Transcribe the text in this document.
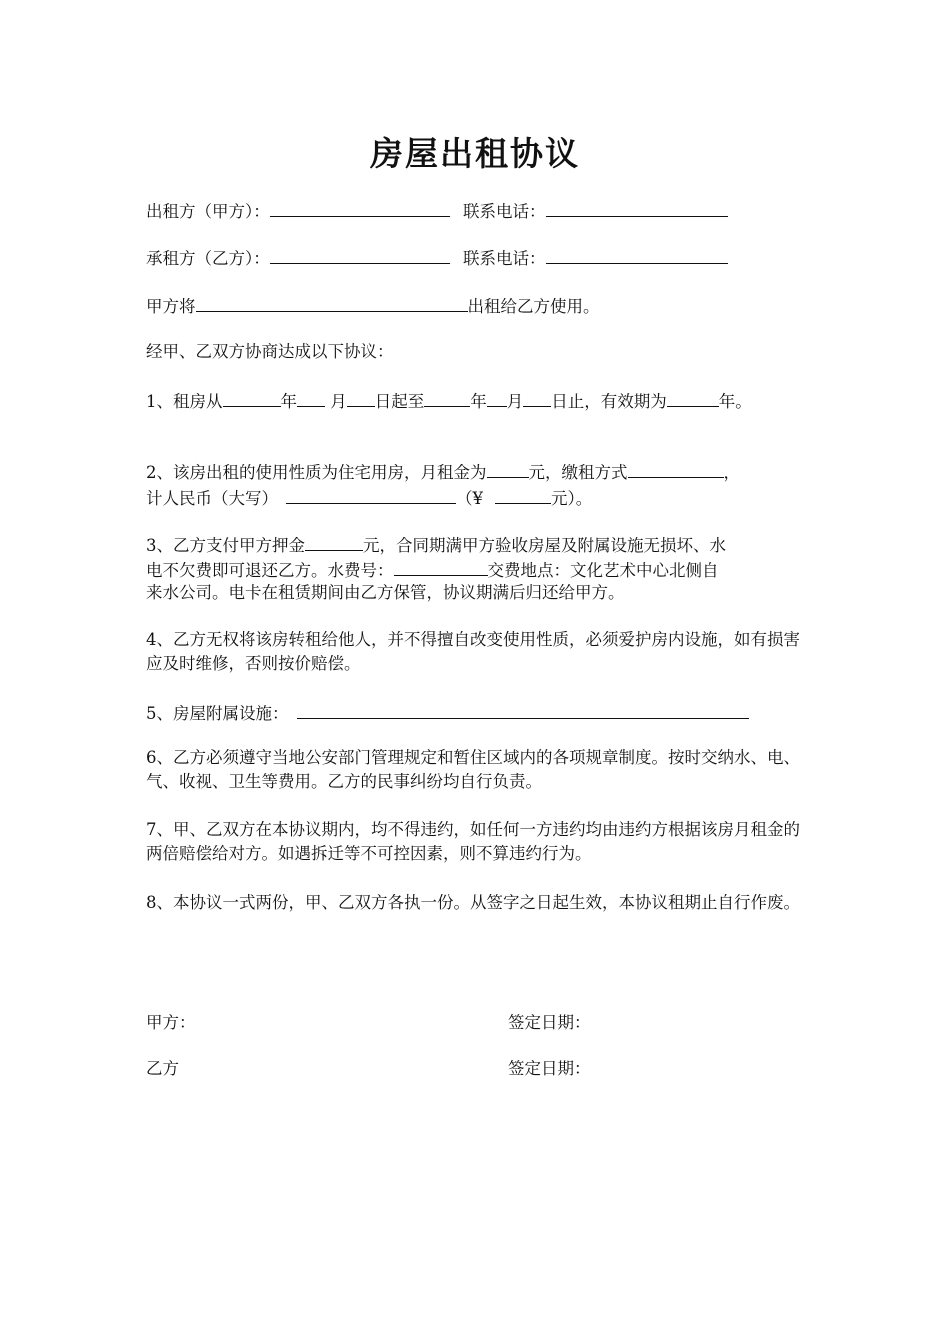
房屋出租协议
出租方（甲方）：	联系电话：
承租方（乙方）：	联系电话：
甲方将	出租给乙方使用。
经甲、乙双方协商达成以下协议：
1、租房从	年 月 日起至	年 月 日止，有效期为	年。
2、该房出租的使用性质为住宅用房，月租金为	元，缴租方式	，
计人民币（大写）	（¥	元）。
3、乙方支付甲方押金	元，合同期满甲方验收房屋及附属设施无损坏、水
电不欠费即可退还乙方。水费号：	交费地点：文化艺术中心北侧自
来水公司。电卡在租赁期间由乙方保管，协议期满后归还给甲方。
4、乙方无权将该房转租给他人，并不得擅自改变使用性质，必须爱护房内设施，如有损害应及时维修，否则按价赔偿。
5、房屋附属设施：
6、乙方必须遵守当地公安部门管理规定和暂住区域内的各项规章制度。按时交纳水、电、气、收视、卫生等费用。乙方的民事纠纷均自行负责。
7、甲、乙双方在本协议期内，均不得违约，如任何一方违约均由违约方根据该房月租金的两倍赔偿给对方。如遇拆迁等不可控因素，则不算违约行为。
8、本协议一式两份，甲、乙双方各执一份。从签字之日起生效，本协议租期止自行作废。
甲方：	签定日期：
乙方	签定日期：
